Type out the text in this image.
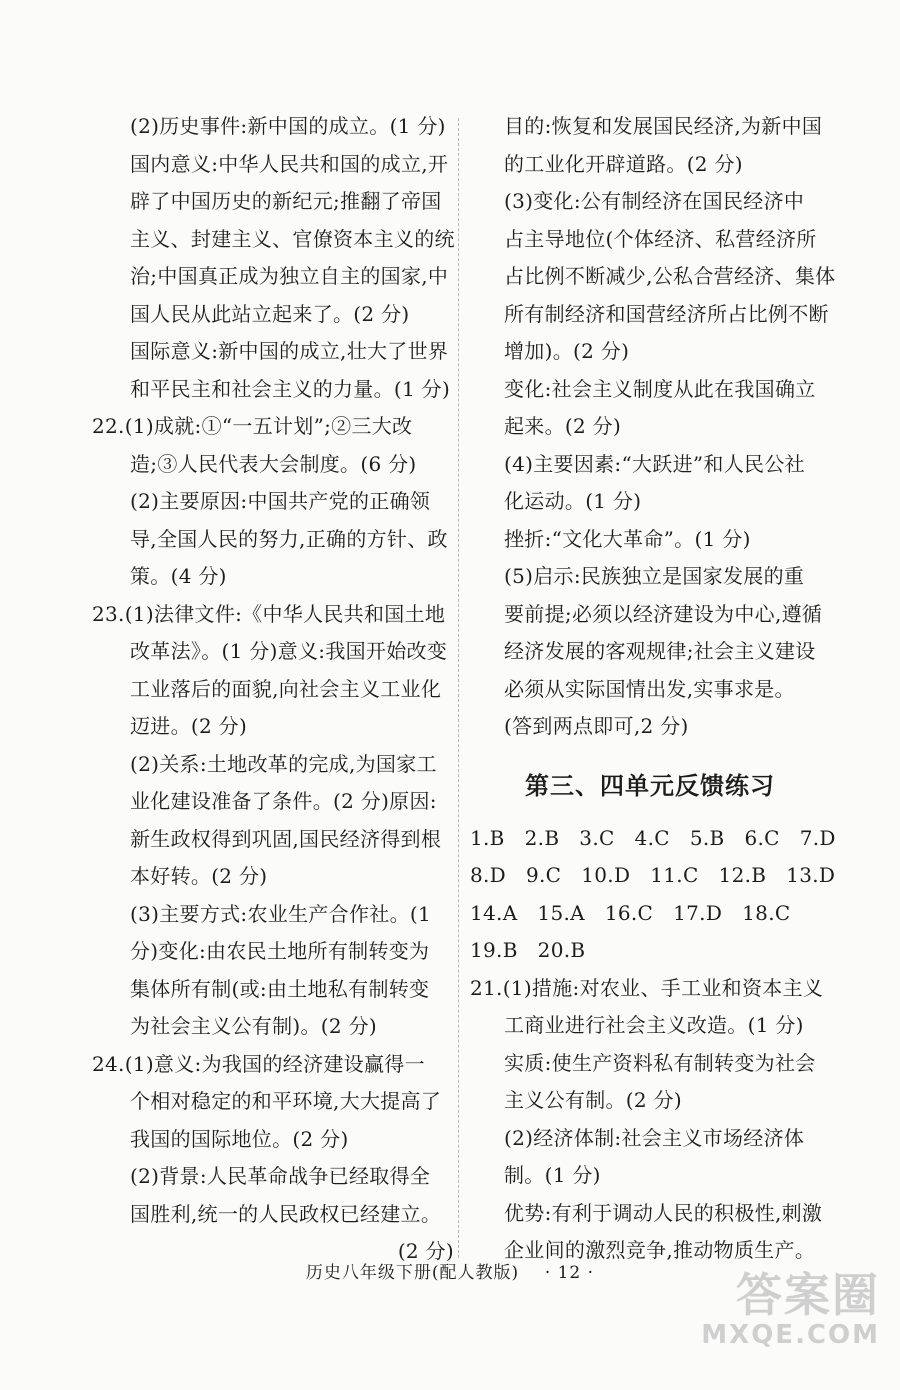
(2)历史事件:新中国的成立。(1 分)
国内意义:中华人民共和国的成立,开
辟了中国历史的新纪元;推翻了帝国
主义、封建主义、官僚资本主义的统
治;中国真正成为独立自主的国家,中
国人民从此站立起来了。(2 分)
国际意义:新中国的成立,壮大了世界
和平民主和社会主义的力量。(1 分)
22.(1)成就:①“一五计划”;②三大改
造;③人民代表大会制度。(6 分)
(2)主要原因:中国共产党的正确领
导,全国人民的努力,正确的方针、政
策。(4 分)
23.(1)法律文件:《中华人民共和国土地
改革法》。(1 分)意义:我国开始改变
工业落后的面貌,向社会主义工业化
迈进。(2 分)
(2)关系:土地改革的完成,为国家工
业化建设准备了条件。(2 分)原因:
新生政权得到巩固,国民经济得到根
本好转。(2 分)
(3)主要方式:农业生产合作社。(1
分)变化:由农民土地所有制转变为
集体所有制(或:由土地私有制转变
为社会主义公有制)。(2 分)
24.(1)意义:为我国的经济建设赢得一
个相对稳定的和平环境,大大提高了
我国的国际地位。(2 分)
(2)背景:人民革命战争已经取得全
国胜利,统一的人民政权已经建立。
(2 分)
目的:恢复和发展国民经济,为新中国
的工业化开辟道路。(2 分)
(3)变化:公有制经济在国民经济中
占主导地位(个体经济、私营经济所
占比例不断减少,公私合营经济、集体
所有制经济和国营经济所占比例不断
增加)。(2 分)
变化:社会主义制度从此在我国确立
起来。(2 分)
(4)主要因素:“大跃进”和人民公社
化运动。(1 分)
挫折:“文化大革命”。(1 分)
(5)启示:民族独立是国家发展的重
要前提;必须以经济建设为中心,遵循
经济发展的客观规律;社会主义建设
必须从实际国情出发,实事求是。
(答到两点即可,2 分)
第三、四单元反馈练习
1.B   2.B   3.C   4.C   5.B   6.C   7.D
8.D   9.C   10.D   11.C   12.B   13.D
14.A   15.A   16.C   17.D   18.C
19.B   20.B
21.(1)措施:对农业、手工业和资本主义
工商业进行社会主义改造。(1 分)
实质:使生产资料私有制转变为社会
主义公有制。(2 分)
(2)经济体制:社会主义市场经济体
制。(1 分)
优势:有利于调动人民的积极性,刺激
企业间的激烈竞争,推动物质生产。
历史八年级下册(配人教版) · 12 ·	答案圈
MXQE.COM
